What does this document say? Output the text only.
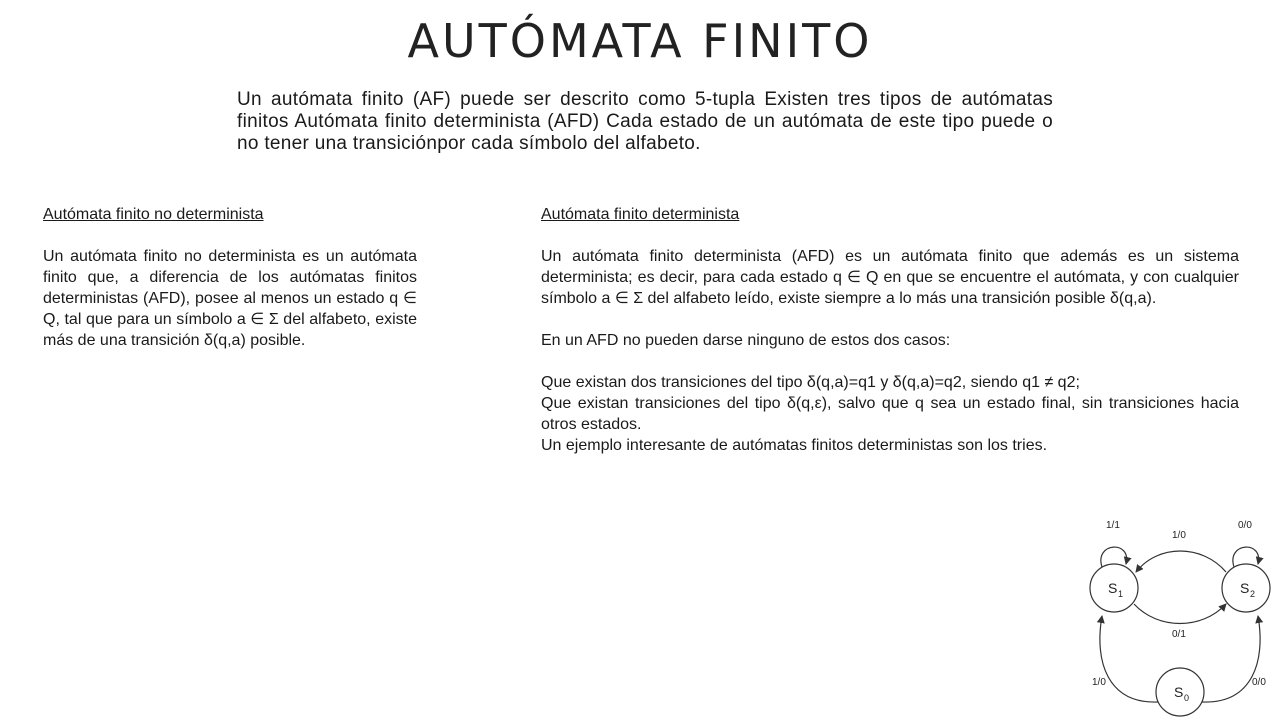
AUTÓMATA FINITO

Un autómata finito (AF) puede ser descrito como 5-tupla Existen tres tipos de autómatas finitos Autómata finito determinista (AFD) Cada estado de un autómata de este tipo puede o no tener una transiciónpor cada símbolo del alfabeto.

Autómata finito no determinista

Un autómata finito no determinista es un autómata finito que, a diferencia de los autómatas finitos deterministas (AFD), posee al menos un estado q ∈ Q, tal que para un símbolo a ∈ Σ del alfabeto, existe más de una transición δ(q,a) posible.

Autómata finito determinista

Un autómata finito determinista (AFD) es un autómata finito que además es un sistema determinista; es decir, para cada estado q ∈ Q en que se encuentre el autómata, y con cualquier símbolo a ∈ Σ del alfabeto leído, existe siempre a lo más una transición posible δ(q,a).

En un AFD no pueden darse ninguno de estos dos casos:

Que existan dos transiciones del tipo δ(q,a)=q1 y δ(q,a)=q2, siendo q1 ≠ q2;

Que existan transiciones del tipo δ(q,ε), salvo que q sea un estado final, sin transiciones hacia otros estados.

Un ejemplo interesante de autómatas finitos deterministas son los tries.

S 1	S 2
S 0
1/1	0/0
1/0
0/1
1/0	0/0
